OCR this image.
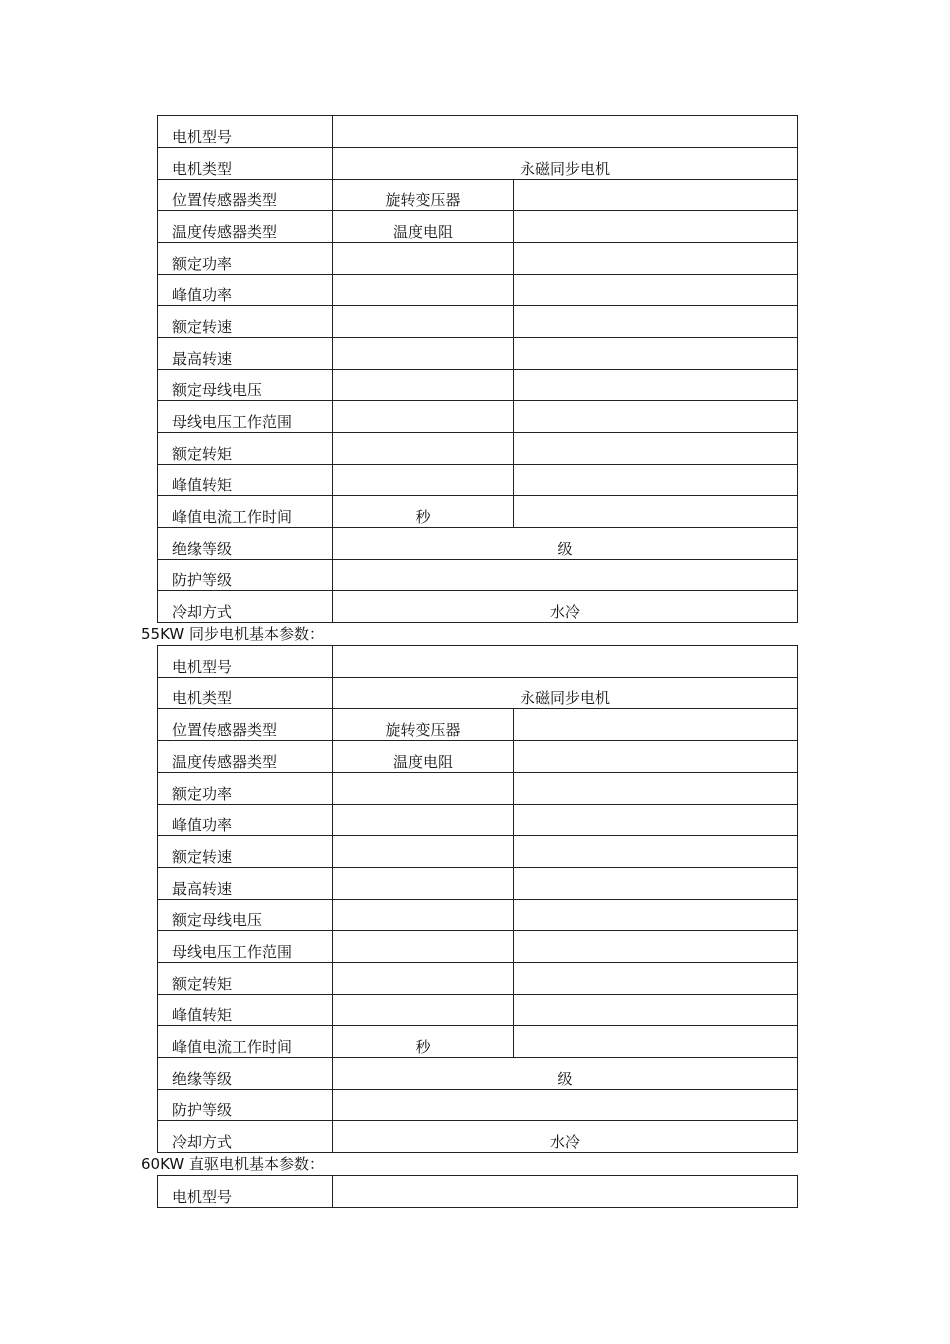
电机型号		
电机类型	永磁同步电机	
位置传感器类型	旋转变压器	
温度传感器类型	温度电阻	
额定功率		
峰值功率		
额定转速		
最高转速		
额定母线电压		
母线电压工作范围		
额定转矩		
峰值转矩		
峰值电流工作时间	秒	
绝缘等级	级	
防护等级		
冷却方式	水冷	
55KW 同步电机基本参数：
电机型号		
电机类型	永磁同步电机	
位置传感器类型	旋转变压器	
温度传感器类型	温度电阻	
额定功率		
峰值功率		
额定转速		
最高转速		
额定母线电压		
母线电压工作范围		
额定转矩		
峰值转矩		
峰值电流工作时间	秒	
绝缘等级	级	
防护等级		
冷却方式	水冷	
60KW 直驱电机基本参数：
电机型号	
